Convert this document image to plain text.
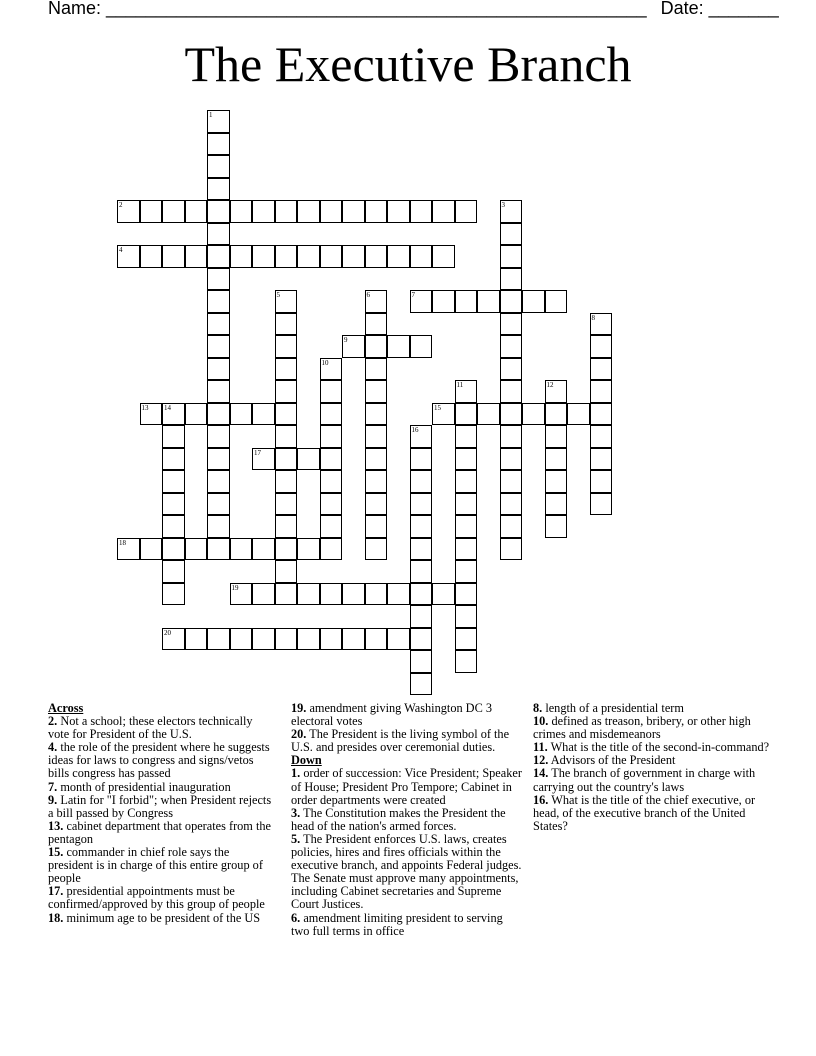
Name: ______________________________________________________ Date: _______
The Executive Branch
1
2	3
4
5	6	7
8
9
10
11	12
13 14	15
16
17
18
19
20
Across
2. Not a school; these electors technically vote for President of the U.S.
4. the role of the president where he suggests ideas for laws to congress and signs/vetos bills congress has passed
7. month of presidential inauguration
9. Latin for "I forbid"; when President rejects a bill passed by Congress
13. cabinet department that operates from the pentagon
15. commander in chief role says the president is in charge of this entire group of people
17. presidential appointments must be confirmed/approved by this group of people
18. minimum age to be president of the US
19. amendment giving Washington DC 3 electoral votes
20. The President is the living symbol of the U.S. and presides over ceremonial duties.
Down
1. order of succession: Vice President; Speaker of House; President Pro Tempore; Cabinet in order departments were created
3. The Constitution makes the President the head of the nation's armed forces.
5. The President enforces U.S. laws, creates policies, hires and fires officials within the executive branch, and appoints Federal judges. The Senate must approve many appointments, including Cabinet secretaries and Supreme Court Justices.
6. amendment limiting president to serving two full terms in office
8. length of a presidential term
10. defined as treason, bribery, or other high crimes and misdemeanors
11. What is the title of the second-in-command?
12. Advisors of the President
14. The branch of government in charge with carrying out the country's laws
16. What is the title of the chief executive, or head, of the executive branch of the United States?
